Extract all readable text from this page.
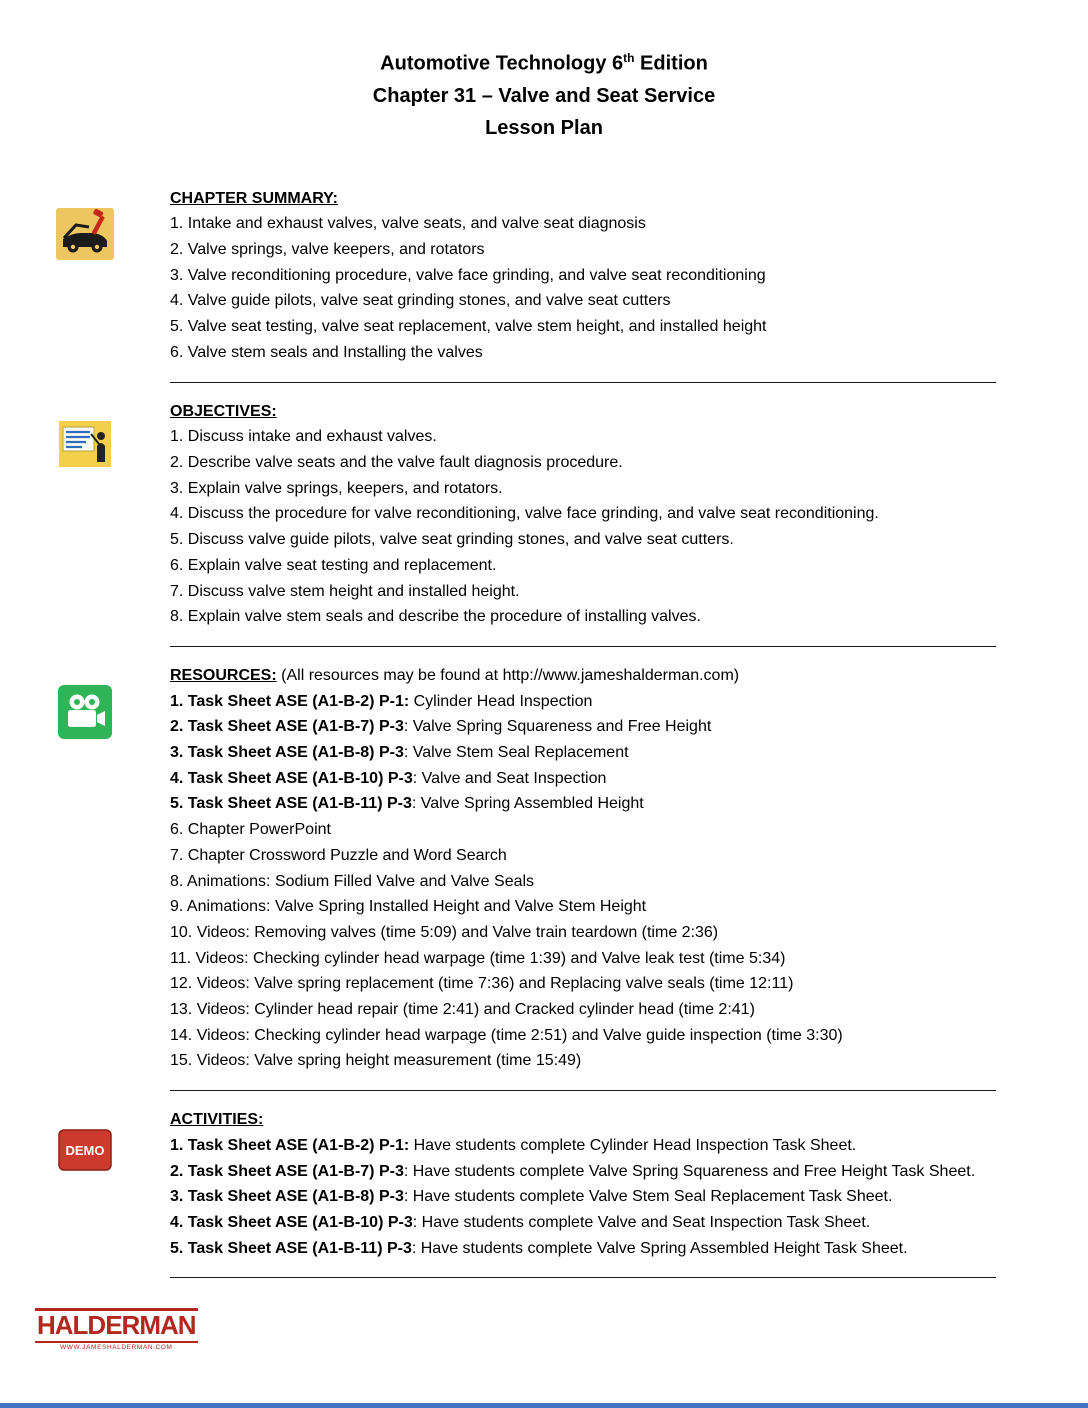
Automotive Technology 6th Edition
Chapter 31 – Valve and Seat Service
Lesson Plan
CHAPTER SUMMARY:
1. Intake and exhaust valves, valve seats, and valve seat diagnosis
2. Valve springs, valve keepers, and rotators
3. Valve reconditioning procedure, valve face grinding, and valve seat reconditioning
4. Valve guide pilots, valve seat grinding stones, and valve seat cutters
5. Valve seat testing, valve seat replacement, valve stem height, and installed height
6. Valve stem seals and Installing the valves
OBJECTIVES:
1. Discuss intake and exhaust valves.
2. Describe valve seats and the valve fault diagnosis procedure.
3. Explain valve springs, keepers, and rotators.
4. Discuss the procedure for valve reconditioning, valve face grinding, and valve seat reconditioning.
5. Discuss valve guide pilots, valve seat grinding stones, and valve seat cutters.
6. Explain valve seat testing and replacement.
7. Discuss valve stem height and installed height.
8. Explain valve stem seals and describe the procedure of installing valves.
RESOURCES: (All resources may be found at http://www.jameshalderman.com)
1. Task Sheet ASE (A1-B-2) P-1: Cylinder Head Inspection
2. Task Sheet ASE (A1-B-7) P-3: Valve Spring Squareness and Free Height
3. Task Sheet ASE (A1-B-8) P-3: Valve Stem Seal Replacement
4. Task Sheet ASE (A1-B-10) P-3: Valve and Seat Inspection
5. Task Sheet ASE (A1-B-11) P-3: Valve Spring Assembled Height
6. Chapter PowerPoint
7. Chapter Crossword Puzzle and Word Search
8. Animations: Sodium Filled Valve and Valve Seals
9. Animations: Valve Spring Installed Height and Valve Stem Height
10. Videos: Removing valves (time 5:09) and Valve train teardown (time 2:36)
11. Videos: Checking cylinder head warpage (time 1:39) and Valve leak test (time 5:34)
12. Videos: Valve spring replacement (time 7:36) and Replacing valve seals (time 12:11)
13. Videos: Cylinder head repair (time 2:41) and Cracked cylinder head (time 2:41)
14. Videos: Checking cylinder head warpage (time 2:51) and Valve guide inspection (time 3:30)
15. Videos: Valve spring height measurement (time 15:49)
DEMO
ACTIVITIES:
1. Task Sheet ASE (A1-B-2) P-1: Have students complete Cylinder Head Inspection Task Sheet.
2. Task Sheet ASE (A1-B-7) P-3: Have students complete Valve Spring Squareness and Free Height Task Sheet.
3. Task Sheet ASE (A1-B-8) P-3: Have students complete Valve Stem Seal Replacement Task Sheet.
4. Task Sheet ASE (A1-B-10) P-3: Have students complete Valve and Seat Inspection Task Sheet.
5. Task Sheet ASE (A1-B-11) P-3: Have students complete Valve Spring Assembled Height Task Sheet.
HALDERMAN
WWW.JAMESHALDERMAN.COM
